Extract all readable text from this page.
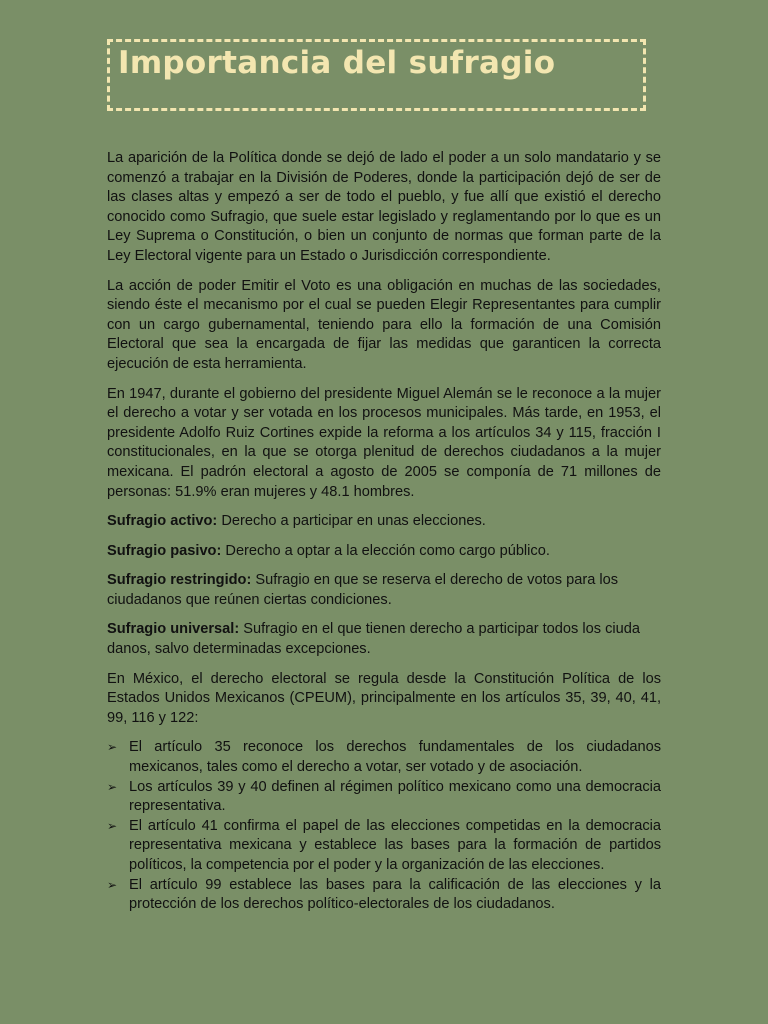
Importancia del sufragio

La aparición de la Política donde se dejó de lado el poder a un solo mandatario y se comenzó a trabajar en la División de Poderes, donde la participación dejó de ser de las clases altas y empezó a ser de todo el pueblo, y fue allí que existió el derecho conocido como Sufragio, que suele estar legislado y reglamentando por lo que es un Ley Suprema o Constitución, o bien un conjunto de normas que forman parte de la Ley Electoral vigente para un Estado o Jurisdicción correspondiente.

La acción de poder Emitir el Voto es una obligación en muchas de las sociedades, siendo éste el mecanismo por el cual se pueden Elegir Representantes para cumplir con un cargo gubernamental, teniendo para ello la formación de una Comisión Electoral que sea la encargada de fijar las medidas que garanticen la correcta ejecución de esta herramienta.

En 1947, durante el gobierno del presidente Miguel Alemán se le reconoce a la mujer el derecho a votar y ser votada en los procesos municipales. Más tarde, en 1953, el presidente Adolfo Ruiz Cortines expide la reforma a los artículos 34 y 115, fracción I constitucionales, en la que se otorga plenitud de derechos ciudadanos a la mujer mexicana. El padrón electoral a agosto de 2005 se componía de 71 millones de personas: 51.9% eran mujeres y 48.1 hombres.

Sufragio activo: Derecho a participar en unas elecciones.

Sufragio pasivo: Derecho a optar a la elección como cargo público.

Sufragio restringido: Sufragio en que se reserva el derecho de votos para los ciudadanos que reúnen ciertas condiciones.

Sufragio universal: Sufragio en el que tienen derecho a participar todos los ciuda danos, salvo determinadas excepciones.

En México, el derecho electoral se regula desde la Constitución Política de los Estados Unidos Mexicanos (CPEUM), principalmente en los artículos 35, 39, 40, 41, 99, 116 y 122:

➢ El artículo 35 reconoce los derechos fundamentales de los ciudadanos mexicanos, tales como el derecho a votar, ser votado y de asociación.
➢ Los artículos 39 y 40 definen al régimen político mexicano como una democracia representativa.
➢ El artículo 41 confirma el papel de las elecciones competidas en la democracia representativa mexicana y establece las bases para la formación de partidos políticos, la competencia por el poder y la organización de las elecciones.
➢ El artículo 99 establece las bases para la calificación de las elecciones y la protección de los derechos político-electorales de los ciudadanos.
